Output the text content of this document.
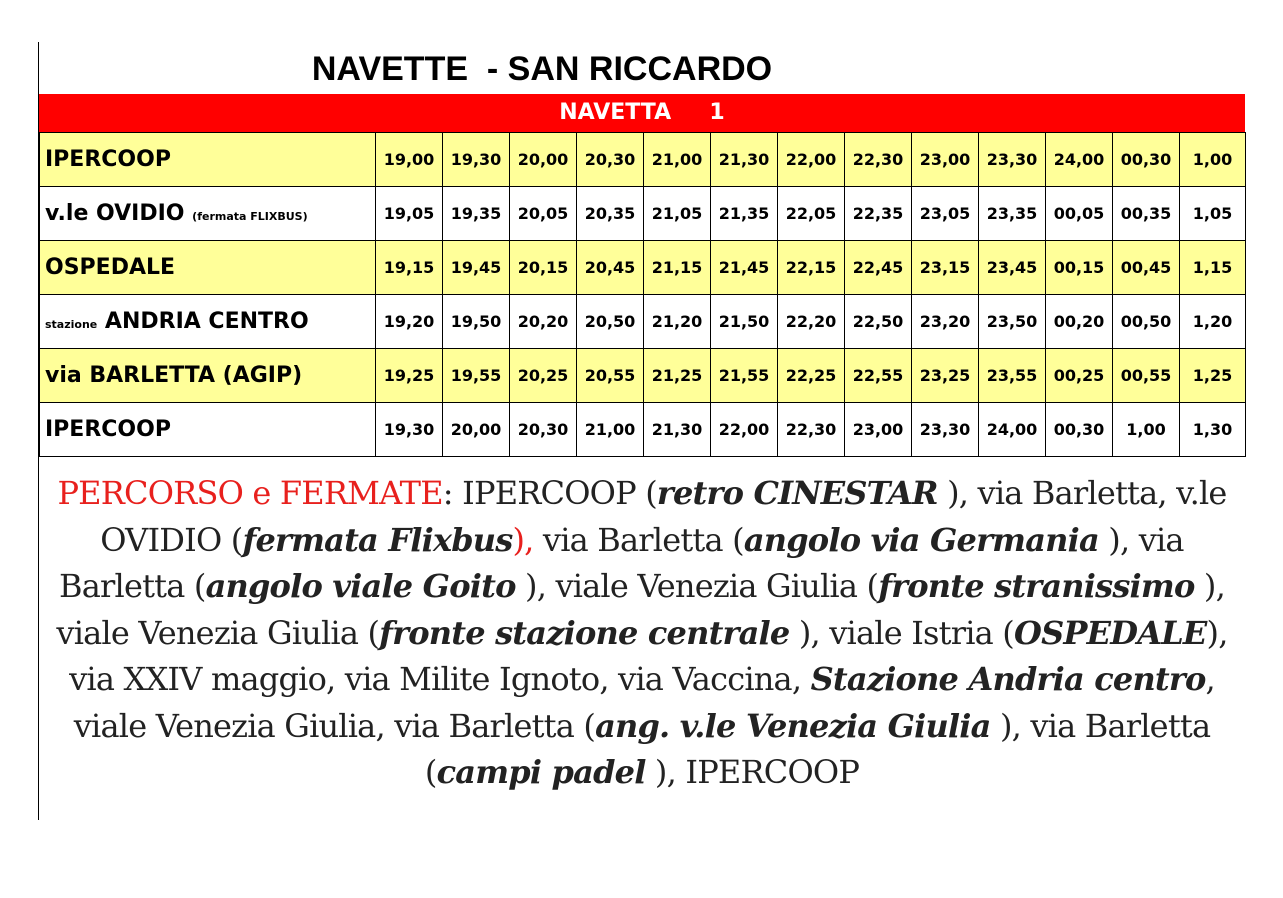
NAVETTE  - SAN RICCARDO
NAVETTA     1
IPERCOOP	19,00	19,30	20,00	20,30	21,00	21,30	22,00	22,30	23,00	23,30	24,00	00,30	1,00
v.le OVIDIO (fermata FLIXBUS)	19,05	19,35	20,05	20,35	21,05	21,35	22,05	22,35	23,05	23,35	00,05	00,35	1,05
OSPEDALE	19,15	19,45	20,15	20,45	21,15	21,45	22,15	22,45	23,15	23,45	00,15	00,45	1,15
stazione ANDRIA CENTRO	19,20	19,50	20,20	20,50	21,20	21,50	22,20	22,50	23,20	23,50	00,20	00,50	1,20
via BARLETTA (AGIP)	19,25	19,55	20,25	20,55	21,25	21,55	22,25	22,55	23,25	23,55	00,25	00,55	1,25
IPERCOOP	19,30	20,00	20,30	21,00	21,30	22,00	22,30	23,00	23,30	24,00	00,30	1,00	1,30
PERCORSO e FERMATE: IPERCOOP (retro CINESTAR ), via Barletta, v.le OVIDIO (fermata Flixbus), via Barletta (angolo via Germania ), via Barletta (angolo viale Goito ), viale Venezia Giulia (fronte stranissimo ), viale Venezia Giulia (fronte stazione centrale ), viale Istria (OSPEDALE), via XXIV maggio, via Milite Ignoto, via Vaccina, Stazione Andria centro, viale Venezia Giulia, via Barletta (ang. v.le Venezia Giulia ), via Barletta (campi padel ), IPERCOOP
